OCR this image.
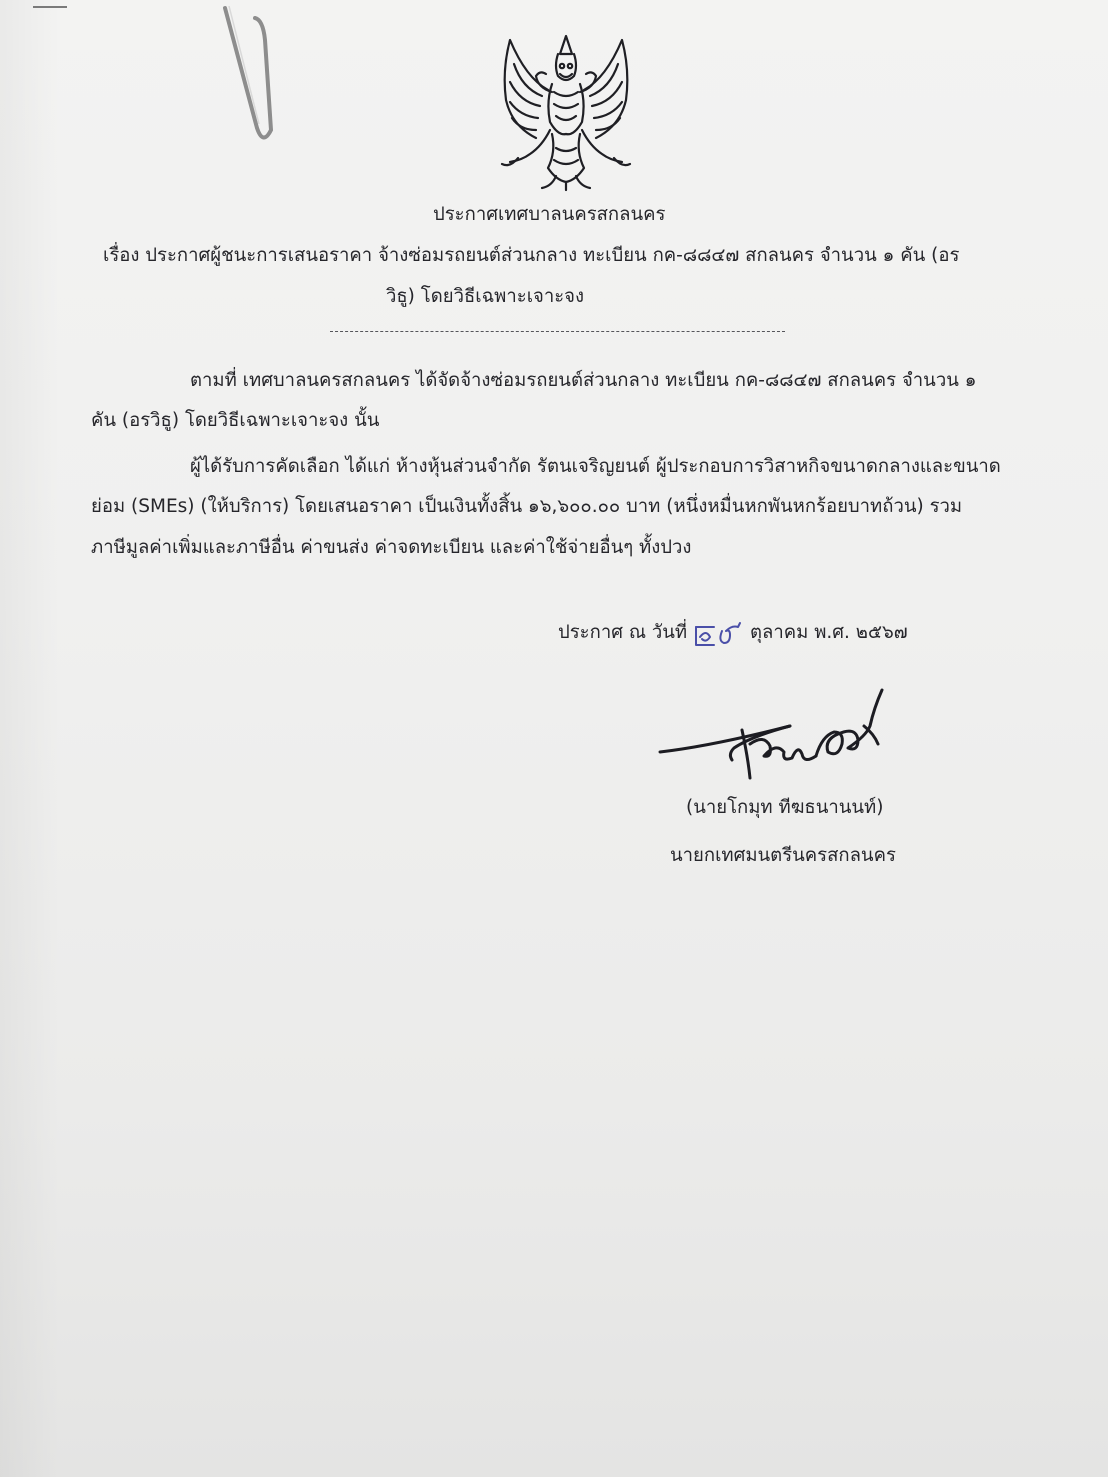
ประกาศเทศบาลนครสกลนคร

เรื่อง ประกาศผู้ชนะการเสนอราคา จ้างซ่อมรถยนต์ส่วนกลาง ทะเบียน กค-๘๘๔๗ สกลนคร จำนวน ๑ คัน (อร

วิธู) โดยวิธีเฉพาะเจาะจง

ตามที่ เทศบาลนครสกลนคร ได้จัดจ้างซ่อมรถยนต์ส่วนกลาง ทะเบียน กค-๘๘๔๗ สกลนคร จำนวน ๑

คัน (อรวิธู) โดยวิธีเฉพาะเจาะจง นั้น

ผู้ได้รับการคัดเลือก ได้แก่ ห้างหุ้นส่วนจำกัด รัตนเจริญยนต์ ผู้ประกอบการวิสาหกิจขนาดกลางและขนาด

ย่อม (SMEs) (ให้บริการ) โดยเสนอราคา เป็นเงินทั้งสิ้น ๑๖,๖๐๐.๐๐ บาท (หนึ่งหมื่นหกพันหกร้อยบาทถ้วน) รวม

ภาษีมูลค่าเพิ่มและภาษีอื่น ค่าขนส่ง ค่าจดทะเบียน และค่าใช้จ่ายอื่นๆ ทั้งปวง

ประกาศ ณ วันที่	ตุลาคม พ.ศ. ๒๕๖๗

(นายโกมุท ทีฆธนานนท์)

นายกเทศมนตรีนครสกลนคร
